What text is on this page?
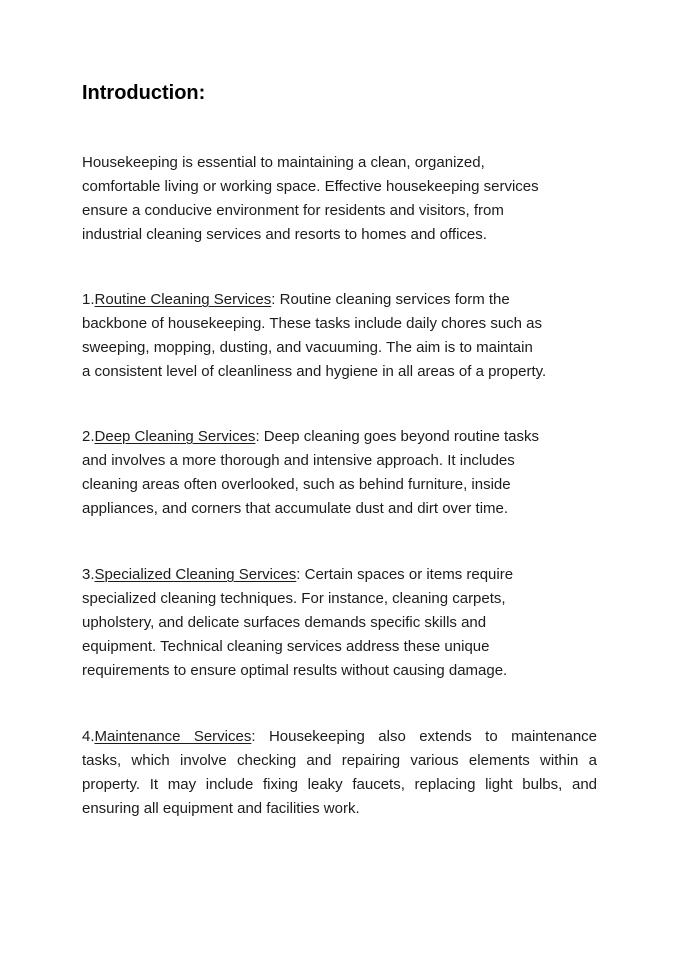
Introduction:

Housekeeping is essential to maintaining a clean, organized,
comfortable living or working space. Effective housekeeping services
ensure a conducive environment for residents and visitors, from
industrial cleaning services and resorts to homes and offices.

1.Routine Cleaning Services: Routine cleaning services form the
backbone of housekeeping. These tasks include daily chores such as
sweeping, mopping, dusting, and vacuuming. The aim is to maintain
a consistent level of cleanliness and hygiene in all areas of a property.

2.Deep Cleaning Services: Deep cleaning goes beyond routine tasks
and involves a more thorough and intensive approach. It includes
cleaning areas often overlooked, such as behind furniture, inside
appliances, and corners that accumulate dust and dirt over time.

3.Specialized Cleaning Services: Certain spaces or items require
specialized cleaning techniques. For instance, cleaning carpets,
upholstery, and delicate surfaces demands specific skills and
equipment. Technical cleaning services address these unique
requirements to ensure optimal results without causing damage.

4.Maintenance Services: Housekeeping also extends to maintenance
tasks, which involve checking and repairing various elements within a
property. It may include fixing leaky faucets, replacing light bulbs, and
ensuring all equipment and facilities work.
